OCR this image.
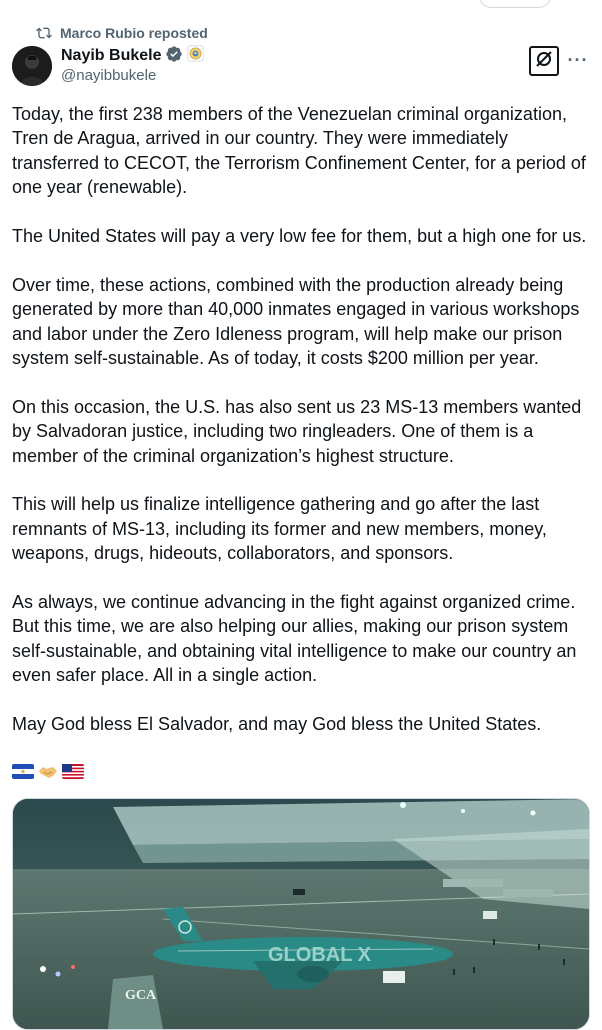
Marco Rubio reposted
Nayib Bukele
@nayibbukele
···

Today, the first 238 members of the Venezuelan criminal organization, Tren de Aragua, arrived in our country. They were immediately transferred to CECOT, the Terrorism Confinement Center, for a period of one year (renewable).

The United States will pay a very low fee for them, but a high one for us.

Over time, these actions, combined with the production already being generated by more than 40,000 inmates engaged in various workshops and labor under the Zero Idleness program, will help make our prison system self-sustainable. As of today, it costs $200 million per year.

On this occasion, the U.S. has also sent us 23 MS-13 members wanted by Salvadoran justice, including two ringleaders. One of them is a member of the criminal organization’s highest structure.

This will help us finalize intelligence gathering and go after the last remnants of MS-13, including its former and new members, money, weapons, drugs, hideouts, collaborators, and sponsors.

As always, we continue advancing in the fight against organized crime. But this time, we are also helping our allies, making our prison system self-sustainable, and obtaining vital intelligence to make our country an even safer place. All in a single action.

May God bless El Salvador, and may God bless the United States.

GLOBAL X
GCA
